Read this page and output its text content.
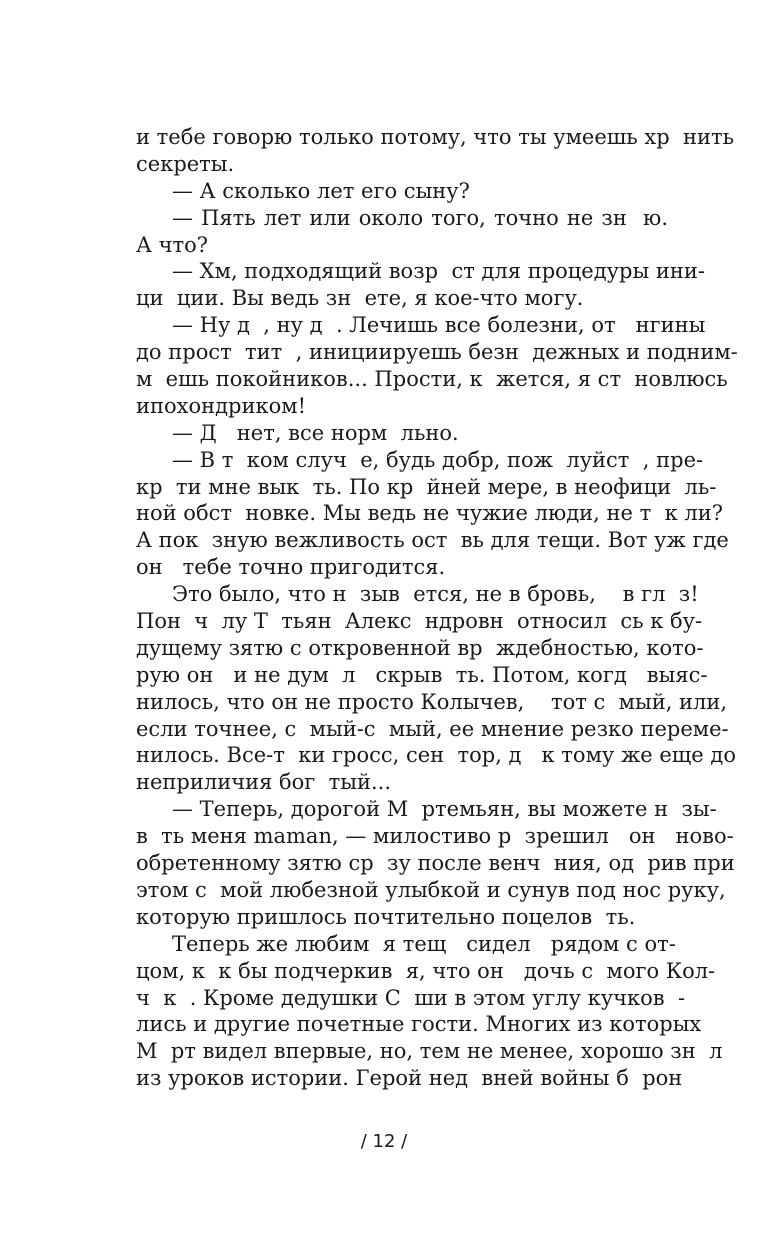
и тебе говорю только потому, что ты умеешь хр  нить
секреты.
— А сколько лет его сыну?
— Пять лет или около того, точно не зн  ю.
А что?
— Хм, подходящий возр  ст для процедуры ини-
ци  ции. Вы ведь зн  ете, я кое-что могу.
— Ну д  , ну д  . Лечишь все болезни, от   нгины
до прост  тит  , инициируешь безн  дежных и подним-
м  ешь покойников... Прости, к  жется, я ст  новлюсь
ипохондриком!
— Д   нет, все норм  льно.
— В т  ком случ  е, будь добр, пож  луйст  , пре-
кр  ти мне вык  ть. По кр  йней мере, в неофици  ль-
ной обст  новке. Мы ведь не чужие люди, не т  к ли?
А пок  зную вежливость ост  вь для тещи. Вот уж где
он   тебе точно пригодится.
Это было, что н  зыв  ется, не в бровь,    в гл  з!
Пон  ч  лу Т  тьян  Алекс  ндровн  относил  сь к бу-
дущему зятю с откровенной вр  ждебностью, кото-
рую он   и не дум  л   скрыв  ть. Потом, когд   выяс-
нилось, что он не просто Колычев,    тот с  мый, или,
если точнее, с  мый-с  мый, ее мнение резко переме-
нилось. Все-т  ки гросс, сен  тор, д   к тому же еще до
неприличия бог  тый...
— Теперь, дорогой М  ртемьян, вы можете н  зы-
в  ть меня maman, — милостиво р  зрешил   он   ново-
обретенному зятю ср  зу после венч  ния, од  рив при
этом с  мой любезной улыбкой и сунув под нос руку,
которую пришлось почтительно поцелов  ть.
Теперь же любим  я тещ   сидел   рядом с от-
цом, к  к бы подчеркив  я, что он   дочь с  мого Кол-
ч  к  . Кроме дедушки С  ши в этом углу кучков  -
лись и другие почетные гости. Многих из которых
М  рт видел впервые, но, тем не менее, хорошо зн  л
из уроков истории. Герой нед  вней войны б  рон
/ 12 /
